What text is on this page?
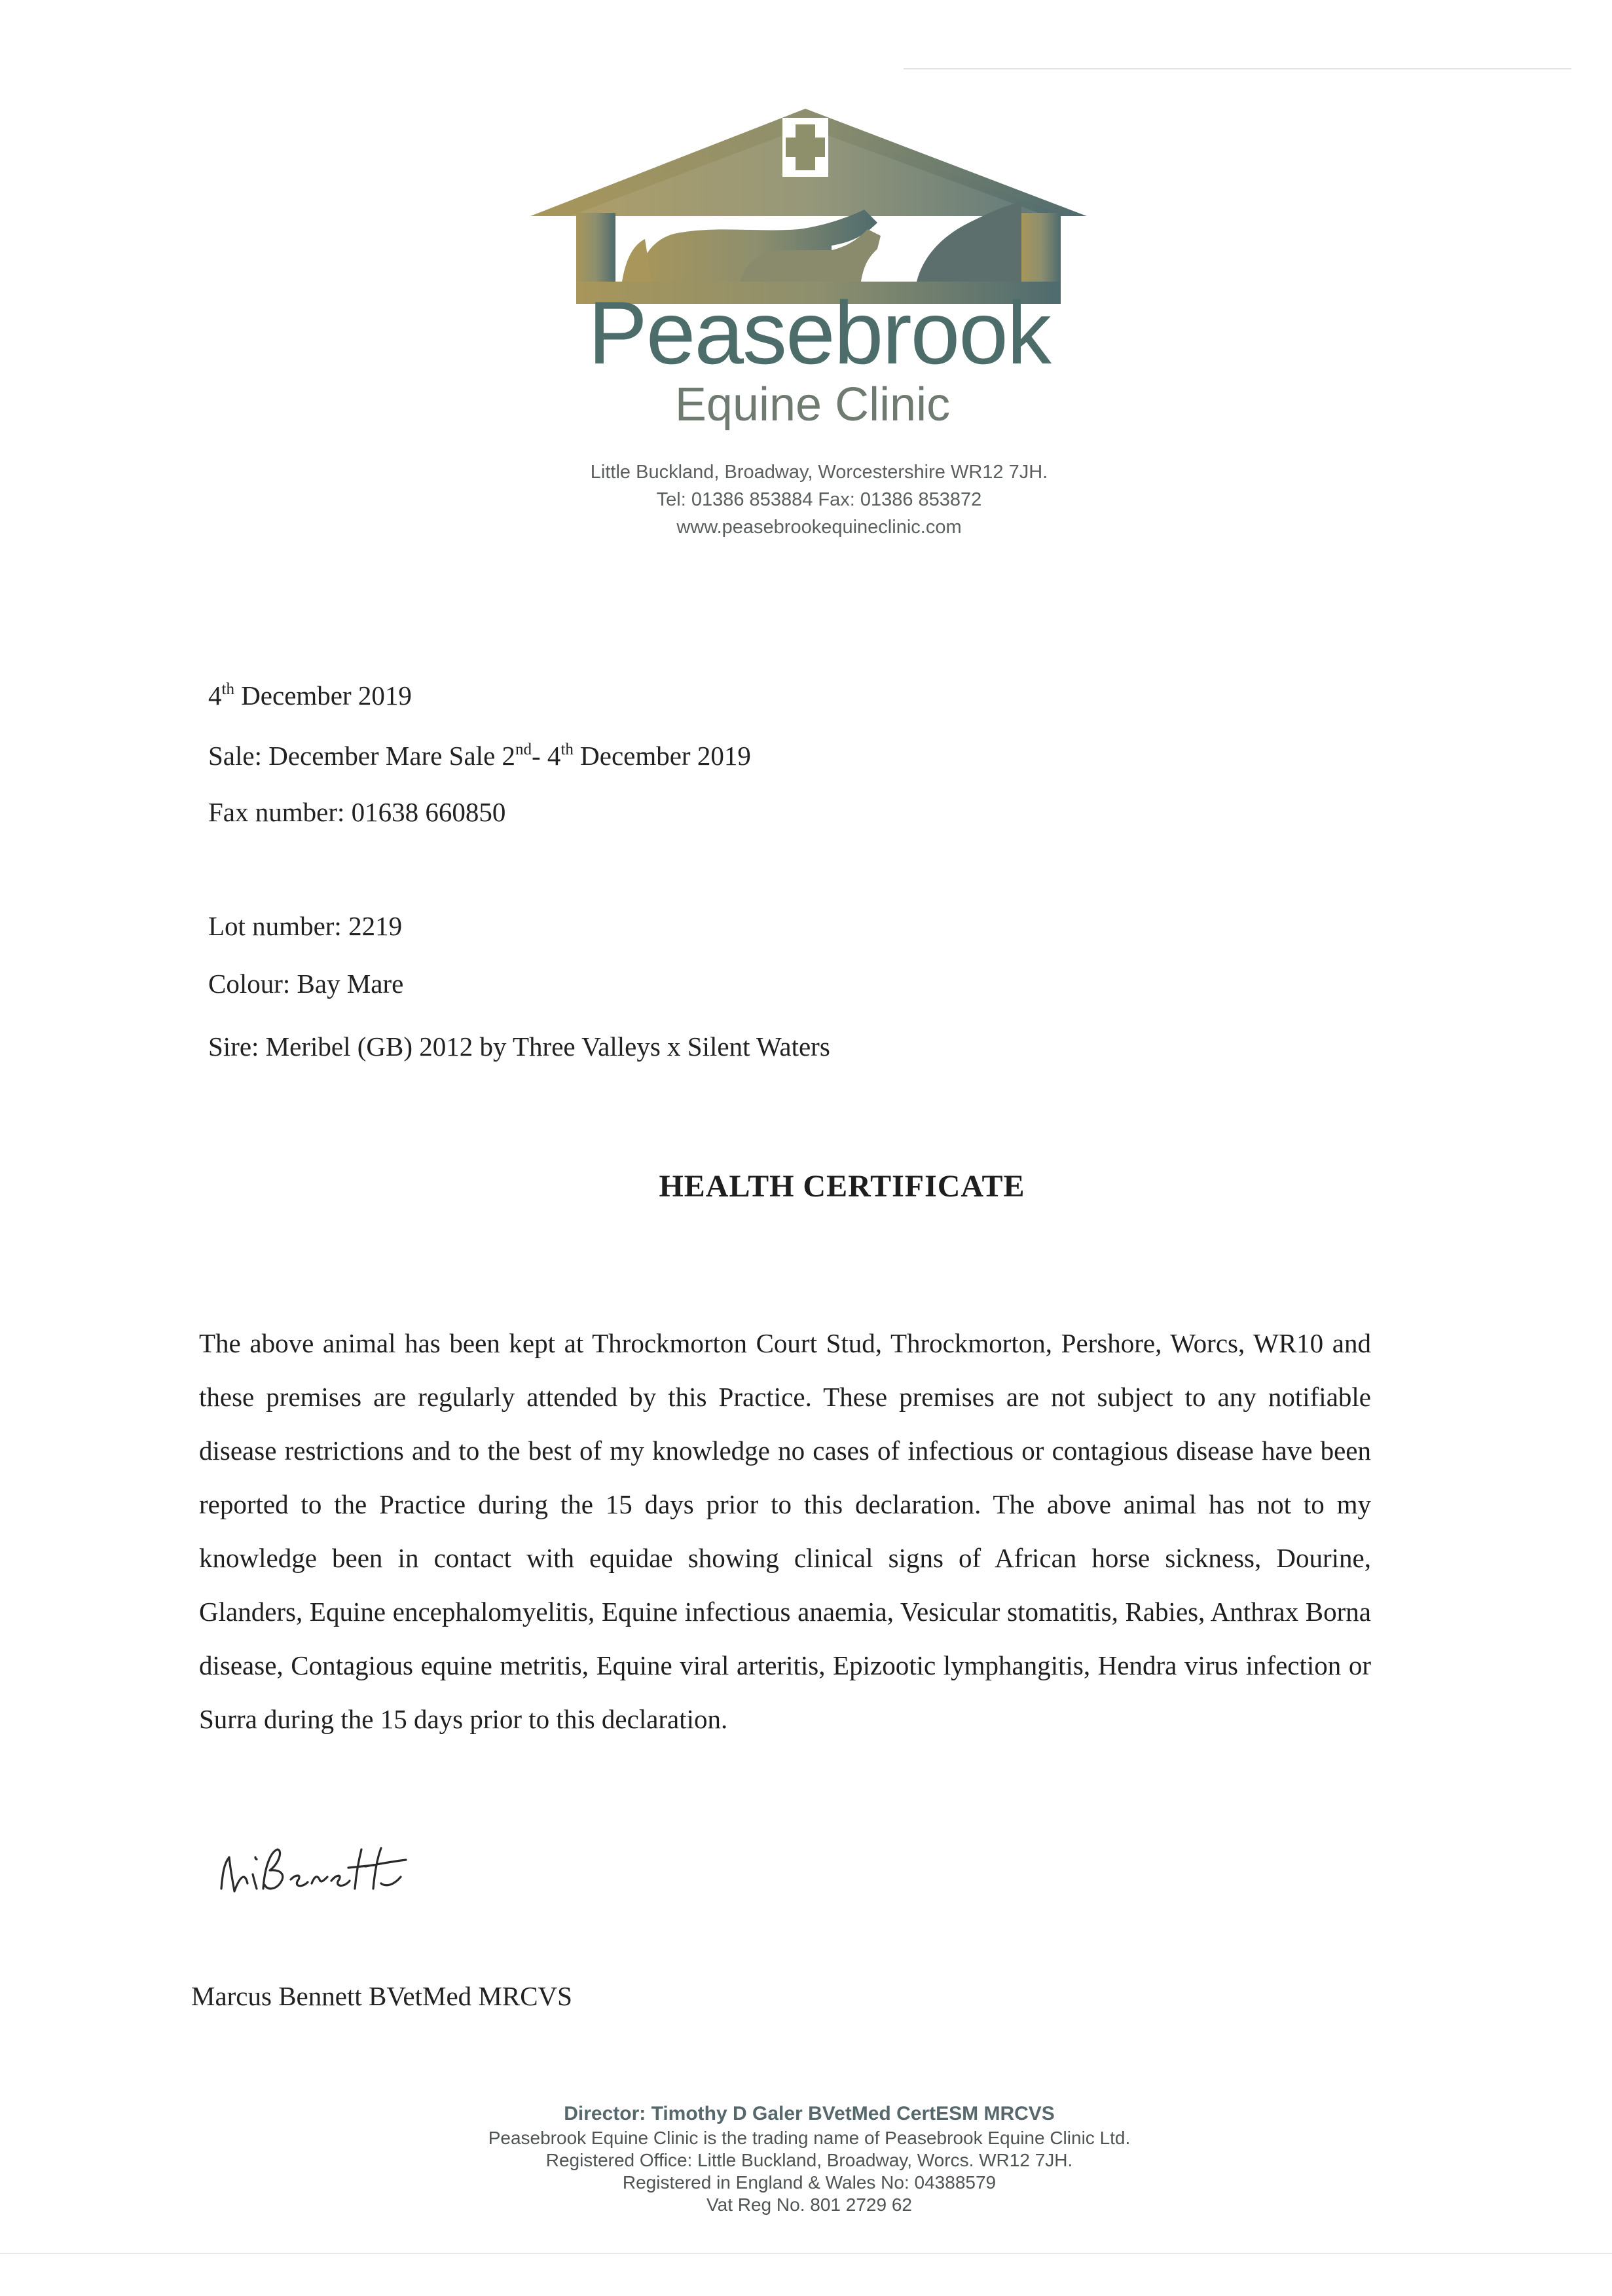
Peasebrook
Equine Clinic
Little Buckland, Broadway, Worcestershire WR12 7JH.
Tel: 01386 853884 Fax: 01386 853872
www.peasebrookequineclinic.com
4th December 2019
Sale: December Mare Sale 2nd- 4th December 2019
Fax number: 01638 660850
Lot number: 2219
Colour: Bay Mare
Sire: Meribel (GB) 2012 by Three Valleys x Silent Waters
HEALTH CERTIFICATE
The above animal has been kept at Throckmorton Court Stud, Throckmorton, Pershore, Worcs, WR10 and these premises are regularly attended by this Practice. These premises are not subject to any notifiable disease restrictions and to the best of my knowledge no cases of infectious or contagious disease have been reported to the Practice during the 15 days prior to this declaration. The above animal has not to my knowledge been in contact with equidae showing clinical signs of African horse sickness, Dourine, Glanders, Equine encephalomyelitis, Equine infectious anaemia, Vesicular stomatitis, Rabies, Anthrax Borna disease, Contagious equine metritis, Equine viral arteritis, Epizootic lymphangitis, Hendra virus infection or Surra during the 15 days prior to this declaration.
Marcus Bennett BVetMed MRCVS
Director: Timothy D Galer BVetMed CertESM MRCVS
Peasebrook Equine Clinic is the trading name of Peasebrook Equine Clinic Ltd.
Registered Office: Little Buckland, Broadway, Worcs. WR12 7JH.
Registered in England & Wales No: 04388579
Vat Reg No. 801 2729 62
